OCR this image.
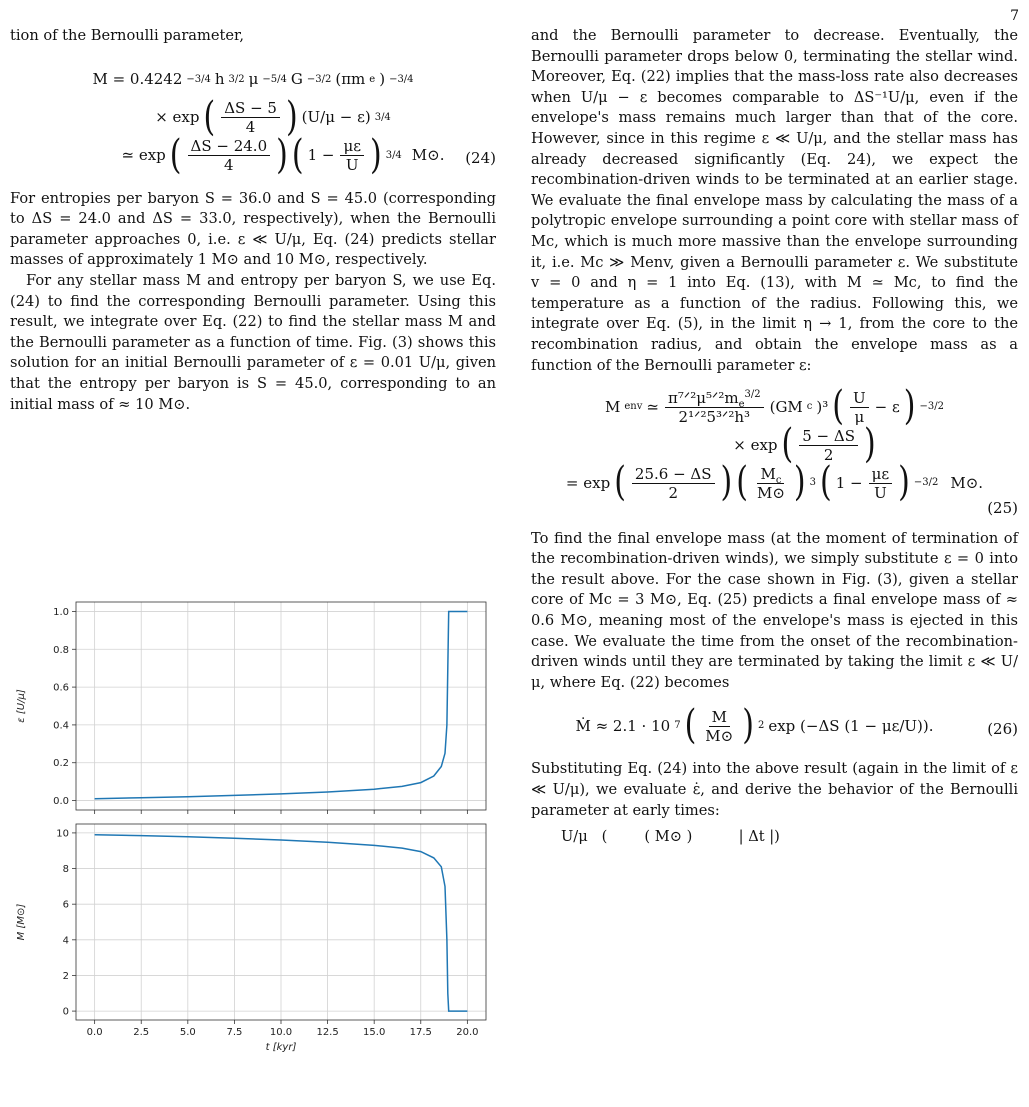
7

tion of the Bernoulli parameter,

M = 0.4242 −3/4 h 3/2 μ −5/4 G −3/2 (πm e ) −3/4
× exp ( $\frac{\Delta S - 5}{4}$ ) (U/μ − ε) 3/4
≃ exp ( $\frac{\Delta S - 24.0}{4}$ ) ( $1 - \frac{\mu\varepsilon}{U}$ ) 3/4 M⊙. (24)

For entropies per baryon S = 36.0 and S = 45.0 (corresponding to ΔS = 24.0 and ΔS = 33.0, respectively), when the Bernoulli parameter approaches 0, i.e. ε ≪ U/μ, Eq. (24) predicts stellar masses of approximately 1 M⊙ and 10 M⊙, respectively.

For any stellar mass M and entropy per baryon S, we use Eq. (24) to find the corresponding Bernoulli parameter. Using this result, we integrate over Eq. (22) to find the stellar mass M and the Bernoulli parameter as a function of time. Fig. (3) shows this solution for an initial Bernoulli parameter of ε = 0.01 U/μ, given that the entropy per baryon is S = 45.0, corresponding to an initial mass of ≈ 10 M⊙.

0.0
0.2
0.4
0.6
0.8
1.0
ε [U/μ]
0.0	2.5	5.0	7.5	10.0 12.5 15.0 17.5 20.0
0
2
4
6
8
10
M [M⊙]
t [kyr]

and the Bernoulli parameter to decrease. Eventually, the Bernoulli parameter drops below 0, terminating the stellar wind. Moreover, Eq. (22) implies that the mass-loss rate also decreases when U/μ − ε becomes comparable to ΔS⁻¹U/μ, even if the envelope's mass remains much larger than that of the core. However, since in this regime ε ≪ U/μ, and the stellar mass has already decreased significantly (Eq. 24), we expect the recombination-driven winds to be terminated at an earlier stage. We evaluate the final envelope mass by calculating the mass of a polytropic envelope surrounding a point core with stellar mass of Mc, which is much more massive than the envelope surrounding it, i.e. Mc ≫ Menv, given a Bernoulli parameter ε. We substitute v = 0 and η = 1 into Eq. (13), with M ≃ Mc, to find the temperature as a function of the radius. Following this, we integrate over Eq. (5), in the limit η → 1, from the core to the recombination radius, and obtain the envelope mass as a function of the Bernoulli parameter ε:

M env ≃ $\frac{\pi^7ᐟ^2\mu^5ᐟ^2m_e^{3/2}}{\text{2¹ᐟ²5³ᐟ²h³}} (GM$ c )³ ( $\frac{U}{\mu} - \varepsilon$ ) −3/2
× exp ( $\frac{5 - \Delta S}{2}$ )
= exp ( $\frac{25.6 - \Delta S}{2}$ ) ( $\frac{M_c}{M⊙}$ ) 3 ( $1 - \frac{\mu\varepsilon}{U}$ ) −3/2 M⊙.
(25)

To find the final envelope mass (at the moment of termination of the recombination-driven winds), we simply substitute ε = 0 into the result above. For the case shown in Fig. (3), given a stellar core of Mc = 3 M⊙, Eq. (25) predicts a final envelope mass of ≈ 0.6 M⊙, meaning most of the envelope's mass is ejected in this case. We evaluate the time from the onset of the recombination-driven winds until they are terminated by taking the limit ε ≪ U/μ, where Eq. (22) becomes

Ṁ ≈ 2.1 · 10 7 ( $\frac{M}{M⊙}$ ) 2 exp (−ΔS (1 − με/U)).	(26)

Substituting Eq. (24) into the above result (again in the limit of ε ≪ U/μ), we evaluate ε̇, and derive the behavior of the Bernoulli parameter at early times:

U/μ   (        ( M⊙ )          | Δt |)
